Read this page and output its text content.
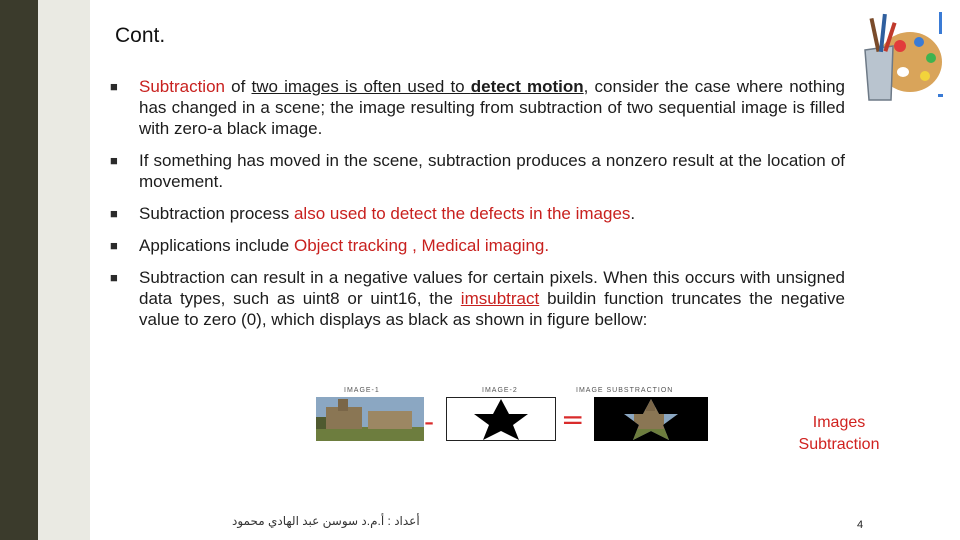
Cont.
■ Subtraction of two images is often used to detect motion, consider the case where nothing has changed in a scene; the image resulting from subtraction of two sequential image is filled with zero-a black image.
■ If something has moved in the scene, subtraction produces a nonzero result at the location of movement.
■ Subtraction process also used to detect the defects in the images.
■ Applications include Object tracking , Medical imaging.
■ Subtraction can result in a negative values for certain pixels. When this occurs with unsigned data types, such as uint8 or uint16, the imsubtract buildin function truncates the negative value to zero (0), which displays as black as shown in figure bellow:
IMAGE-1	IMAGE-2	IMAGE SUBSTRACTION
-	=	Images
Subtraction
أعداد : أ.م.د سوسن عبد الهادي محمود	4
